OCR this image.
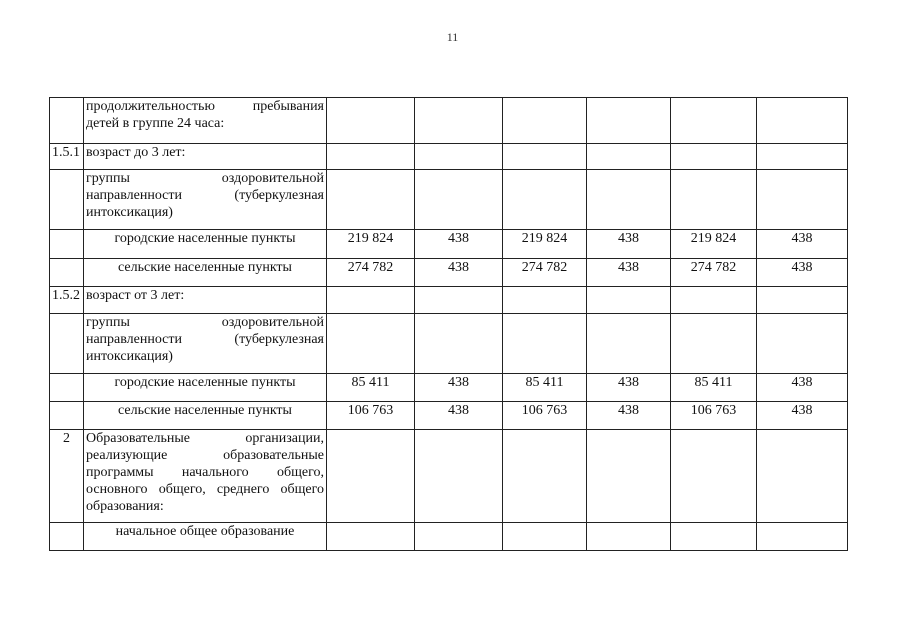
11
	продолжительностью пребывания детей в группе 24 часа:						
1.5.1	возраст до 3 лет:						
	группы оздоровительной направленности (туберкулезная интоксикация)						
	городские населенные пункты	219 824	438	219 824	438	219 824	438
	сельские населенные пункты	274 782	438	274 782	438	274 782	438
1.5.2	возраст от 3 лет:						
	группы оздоровительной направленности (туберкулезная интоксикация)						
	городские населенные пункты	85 411	438	85 411	438	85 411	438
	сельские населенные пункты	106 763	438	106 763	438	106 763	438
2	Образовательные организации, реализующие образовательные программы начального общего, основного общего, среднего общего образования:						
	начальное общее образование						
